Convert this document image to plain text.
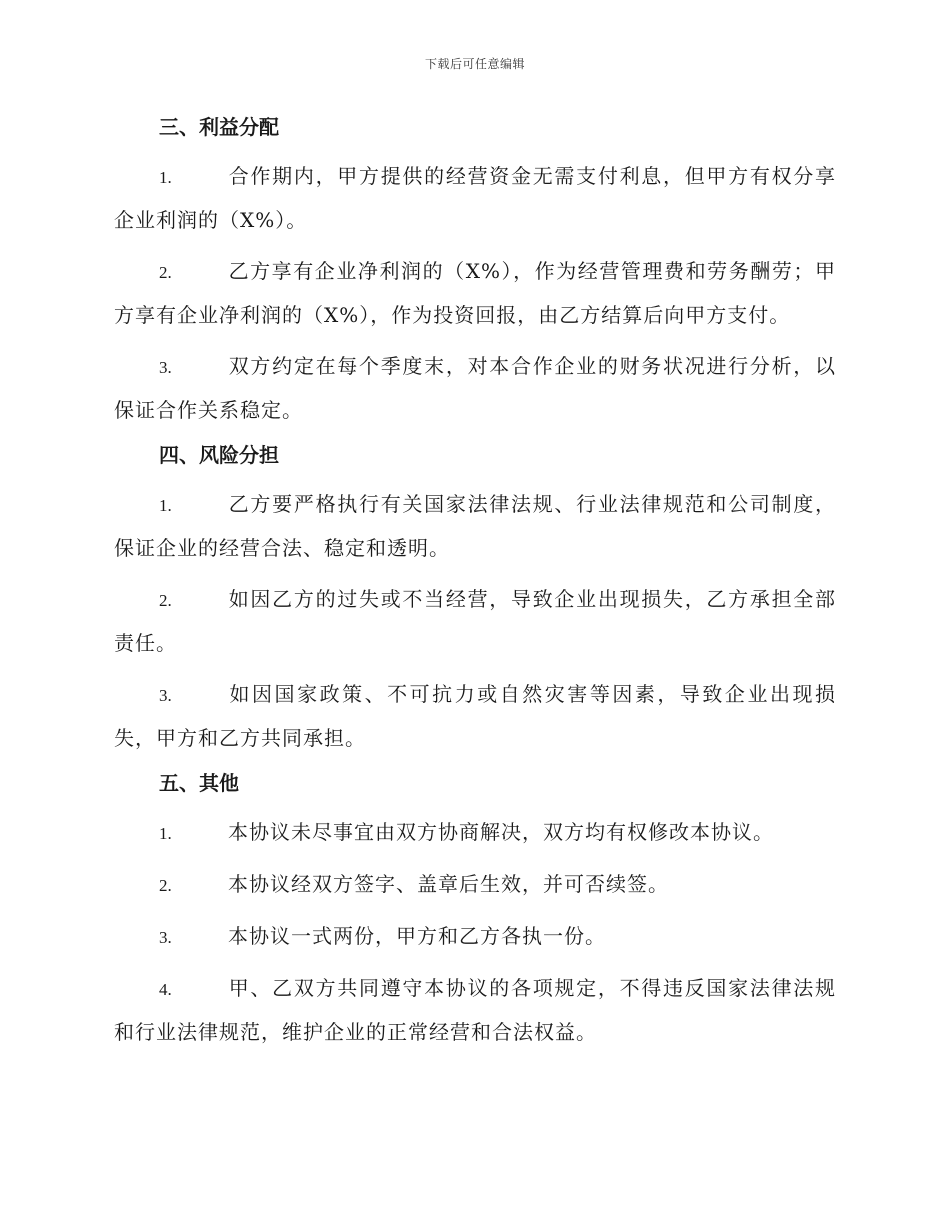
下载后可任意编辑
三、利益分配

1.	合作期内，甲方提供的经营资金无需支付利息，但甲方有权分享企业利润的（X%）。

2.	乙方享有企业净利润的（X%），作为经营管理费和劳务酬劳；甲方享有企业净利润的（X%），作为投资回报，由乙方结算后向甲方支付。

3.	双方约定在每个季度末，对本合作企业的财务状况进行分析，以保证合作关系稳定。

四、风险分担

1.	乙方要严格执行有关国家法律法规、行业法律规范和公司制度，保证企业的经营合法、稳定和透明。

2.	如因乙方的过失或不当经营，导致企业出现损失，乙方承担全部责任。

3.	如因国家政策、不可抗力或自然灾害等因素，导致企业出现损失，甲方和乙方共同承担。

五、其他

1.	本协议未尽事宜由双方协商解决，双方均有权修改本协议。

2.	本协议经双方签字、盖章后生效，并可否续签。

3.	本协议一式两份，甲方和乙方各执一份。

4.	甲、乙双方共同遵守本协议的各项规定，不得违反国家法律法规和行业法律规范，维护企业的正常经营和合法权益。
